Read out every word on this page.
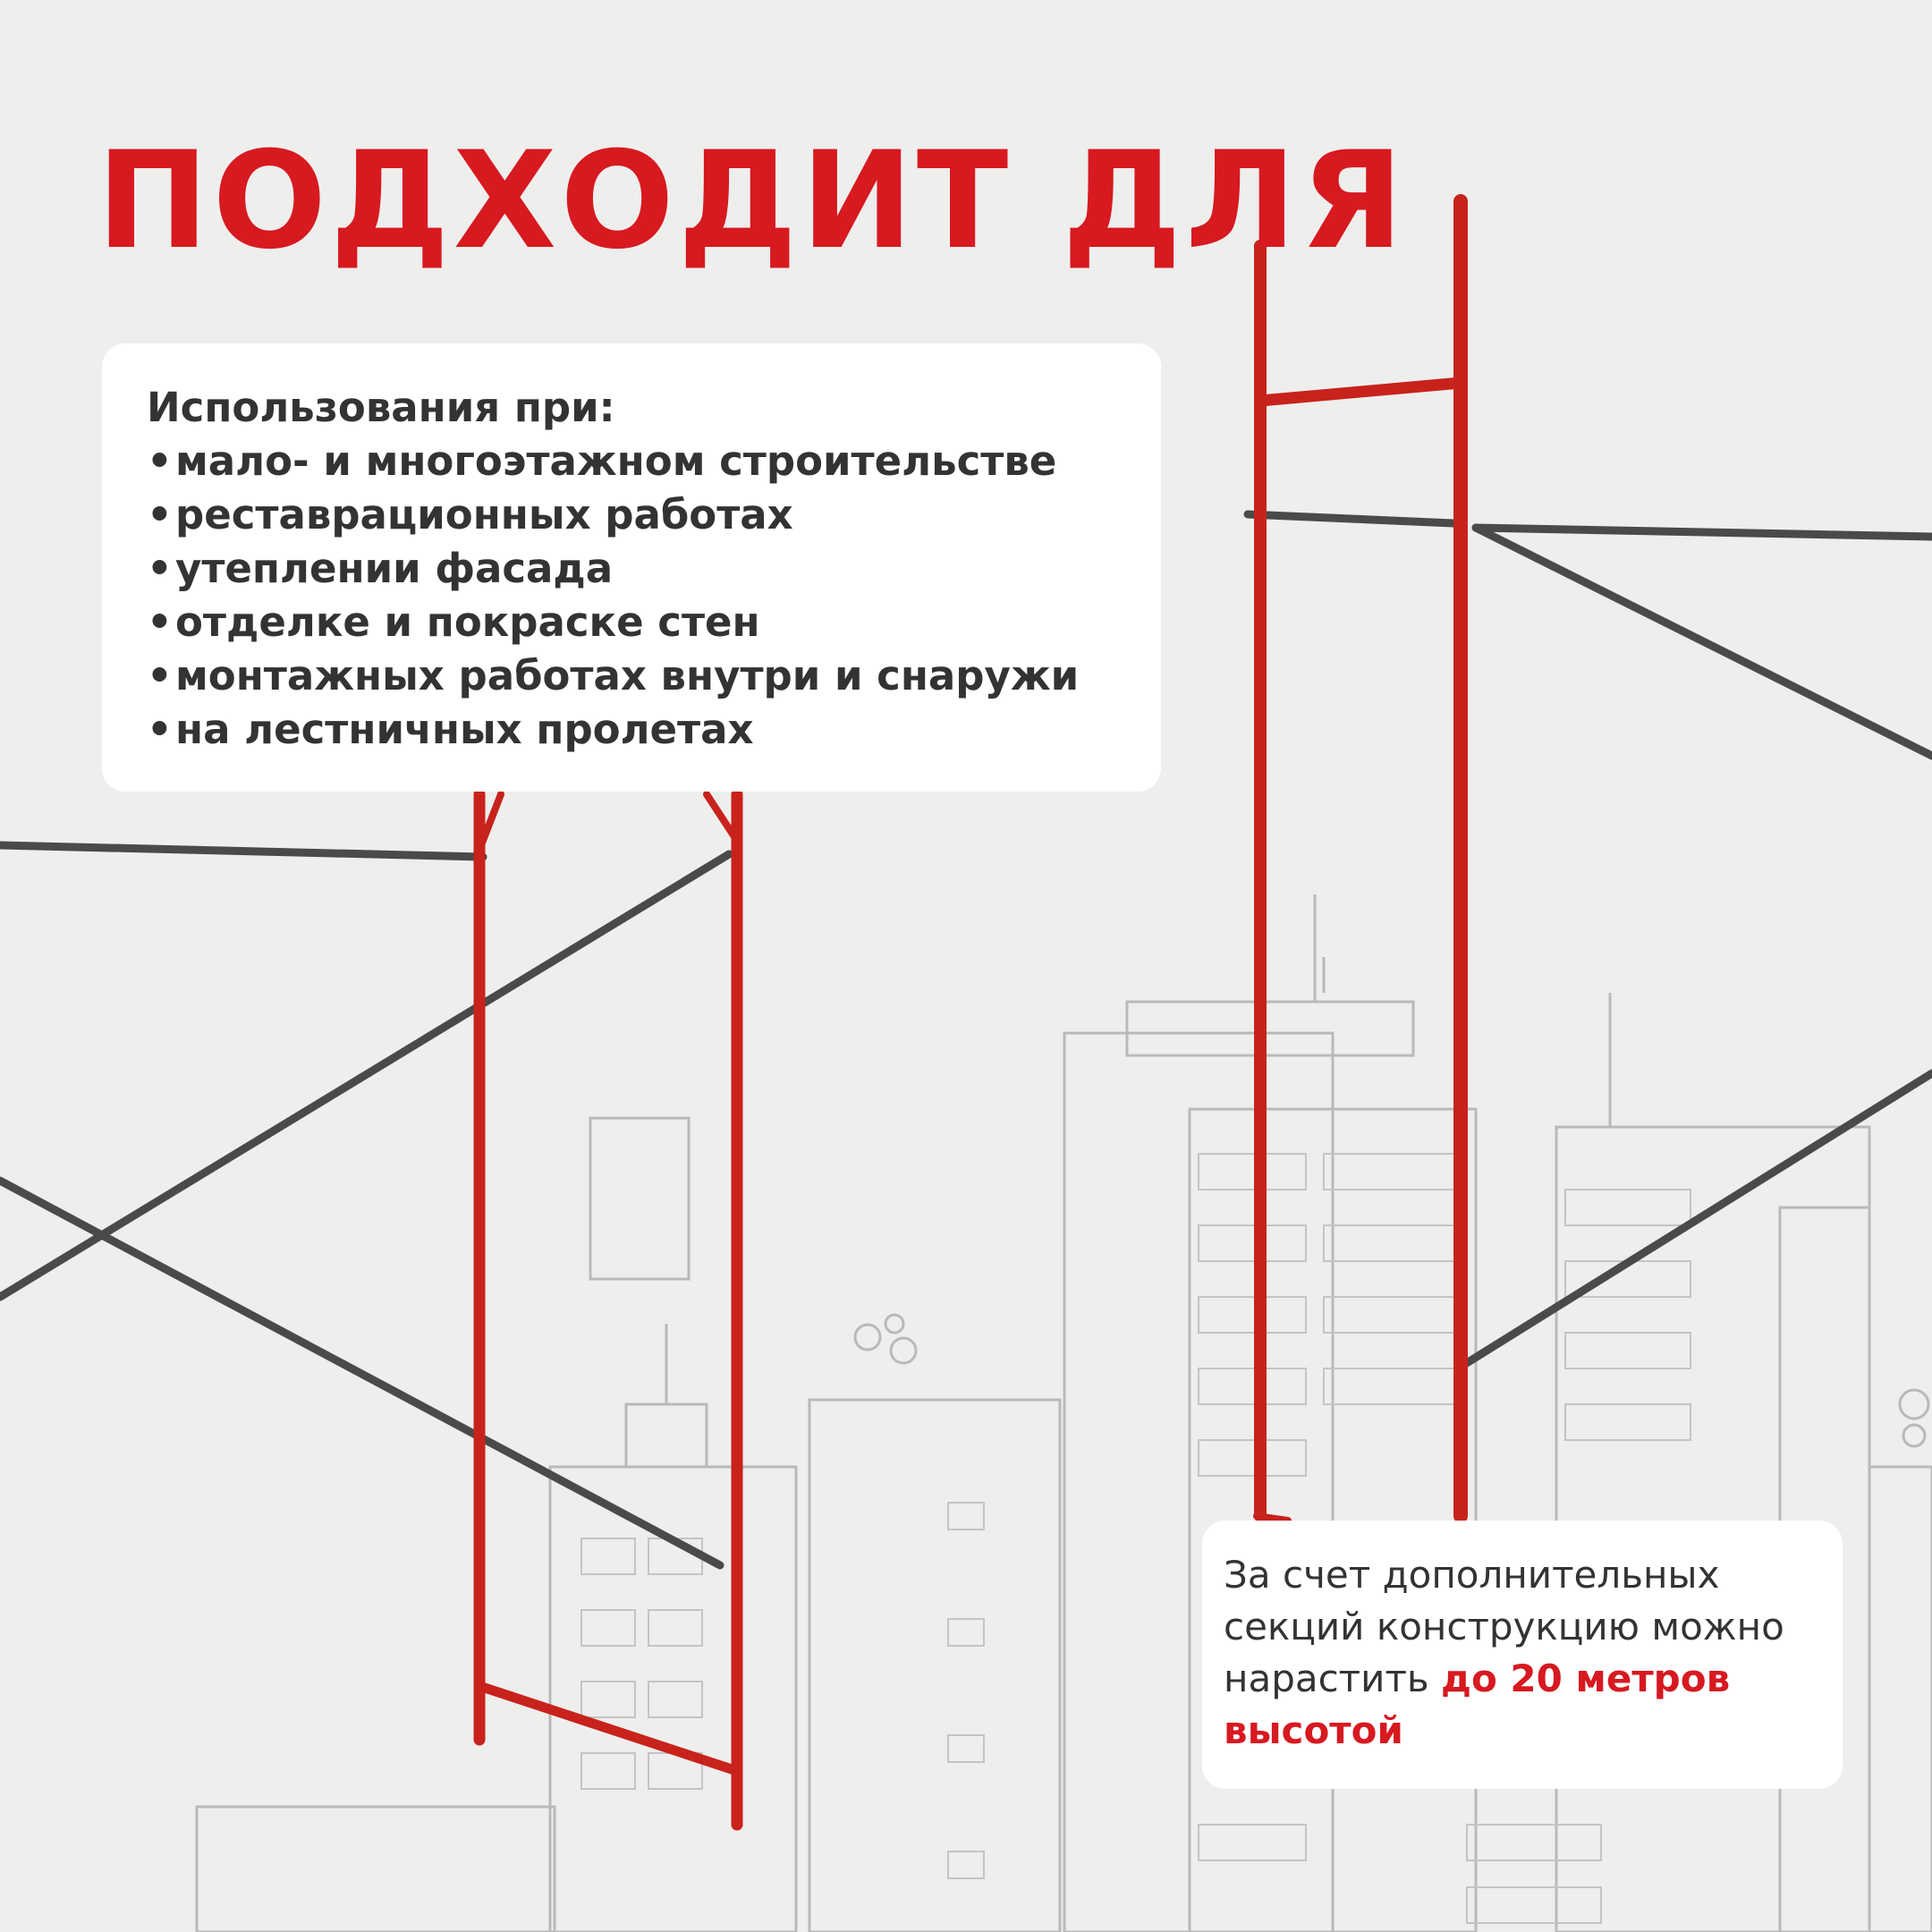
ПОДХОДИТ ДЛЯ
Использования при:
•мало- и многоэтажном строительстве
•реставрационных работах
•утеплении фасада
•отделке и покраске стен
•монтажных работах внутри и снаружи
•на лестничных пролетах

За счет дополнительных секций конструкцию можно нарастить до 20 метров высотой
